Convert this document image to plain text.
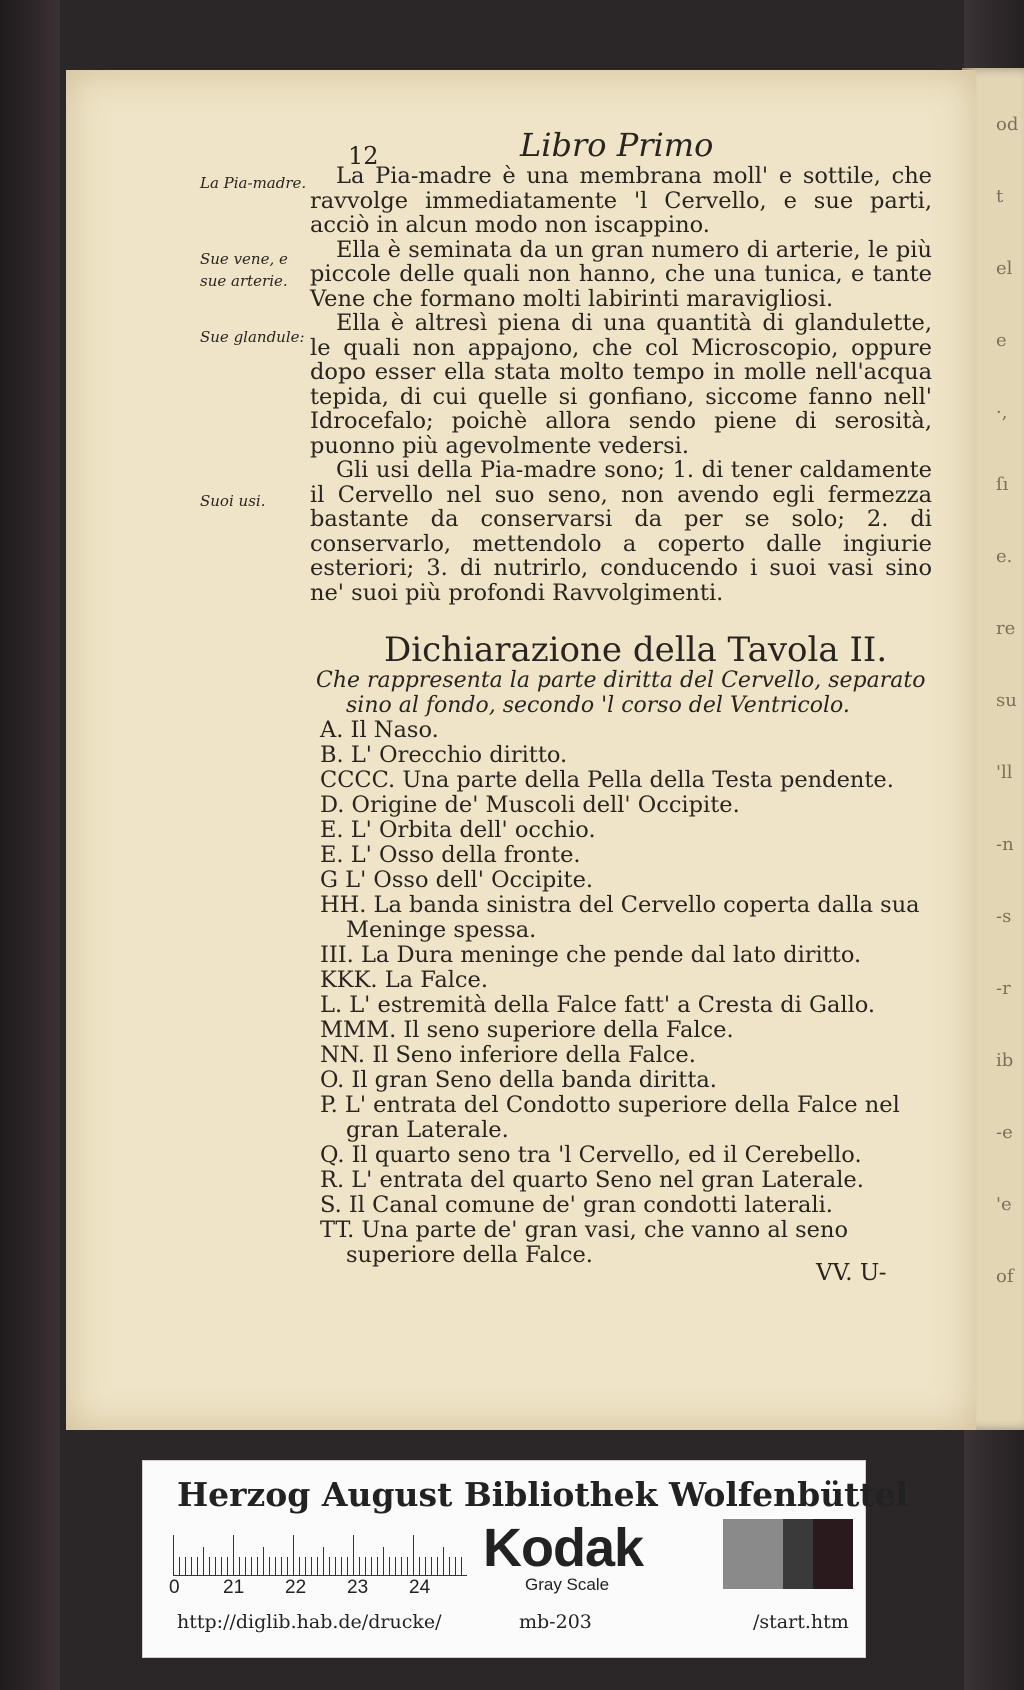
od
t
el
e
·,
ſı
e.
re
su
'll
-n
-s
-r
ib
-e
'e
of
12	Libro Primo
La Pia-madre.
Sue vene, e sue arterie.
Sue glandule:
Suoi usi.

La Pia-madre è una membrana moll' e sottile, che ravvolge immediatamente 'l Cervello, e sue parti, acciò in alcun modo non iscappino.

Ella è seminata da un gran numero di arterie, le più piccole delle quali non hanno, che una tunica, e tante Vene che formano molti labirinti maravigliosi.

Ella è altresì piena di una quantità di glandulette, le quali non appajono, che col Microscopio, oppure dopo esser ella stata molto tempo in molle nell'acqua tepida, di cui quelle si gonfiano, siccome fanno nell' Idrocefalo; poichè allora sendo piene di serosità, puonno più agevolmente vedersi.

Gli usi della Pia-madre sono; 1. di tener caldamente il Cervello nel suo seno, non avendo egli fermezza bastante da conservarsi da per se solo; 2. di conservarlo, mettendolo a coperto dalle ingiurie esteriori; 3. di nutrirlo, conducendo i suoi vasi sino ne' suoi più profondi Ravvolgimenti.

Dichiarazione della Tavola II.
Che rappresenta la parte diritta del Cervello, separato
sino al fondo, secondo 'l corso del Ventricolo.
A. Il Naso.
B. L' Orecchio diritto.
CCCC. Una parte della Pella della Testa pendente.
D. Origine de' Muscoli dell' Occipite.
E. L' Orbita dell' occhio.
E. L' Osso della fronte.
G L' Osso dell' Occipite.
HH. La banda sinistra del Cervello coperta dalla sua Meninge spessa.
III. La Dura meninge che pende dal lato diritto.
KKK. La Falce.
L. L' estremità della Falce fatt' a Cresta di Gallo.
MMM. Il seno superiore della Falce.
NN. Il Seno inferiore della Falce.
O. Il gran Seno della banda diritta.
P. L' entrata del Condotto superiore della Falce nel gran Laterale.
Q. Il quarto seno tra 'l Cervello, ed il Cerebello.
R. L' entrata del quarto Seno nel gran Laterale.
S. Il Canal comune de' gran condotti laterali.
TT. Una parte de' gran vasi, che vanno al seno superiore della Falce.
VV. U-
Herzog August Bibliothek Wolfenbüttel
0 21 22 23 24
Kodak
Gray Scale
http://diglib.hab.de/drucke/	mb-203	/start.htm
